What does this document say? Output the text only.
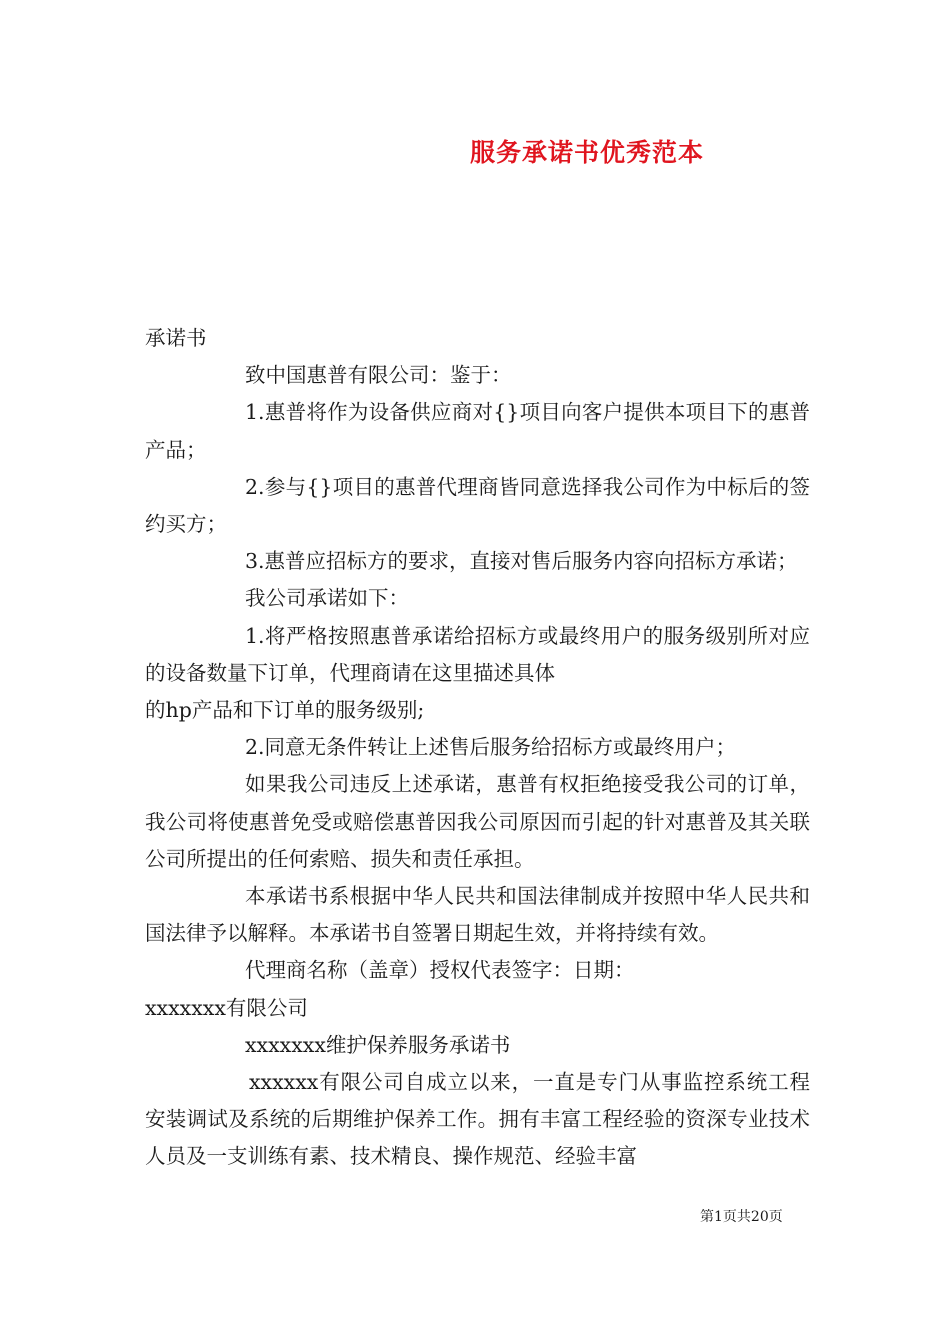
服务承诺书优秀范本

承诺书

致中国惠普有限公司：鉴于：

1.惠普将作为设备供应商对{}项目向客户提供本项目下的惠普产品；

2.参与{}项目的惠普代理商皆同意选择我公司作为中标后的签约买方；

3.惠普应招标方的要求，直接对售后服务内容向招标方承诺；

我公司承诺如下：

1.将严格按照惠普承诺给招标方或最终用户的服务级别所对应的设备数量下订单，代理商请在这里描述具体

的hp产品和下订单的服务级别;

2.同意无条件转让上述售后服务给招标方或最终用户；

如果我公司违反上述承诺，惠普有权拒绝接受我公司的订单，我公司将使惠普免受或赔偿惠普因我公司原因而引起的针对惠普及其关联公司所提出的任何索赔、损失和责任承担。

本承诺书系根据中华人民共和国法律制成并按照中华人民共和国法律予以解释。本承诺书自签署日期起生效，并将持续有效。

代理商名称（盖章）授权代表签字：日期：

xxxxxxx有限公司

xxxxxxx维护保养服务承诺书

xxxxxx有限公司自成立以来，一直是专门从事监控系统工程安装调试及系统的后期维护保养工作。拥有丰富工程经验的资深专业技术人员及一支训练有素、技术精良、操作规范、经验丰富

第1页共20页
